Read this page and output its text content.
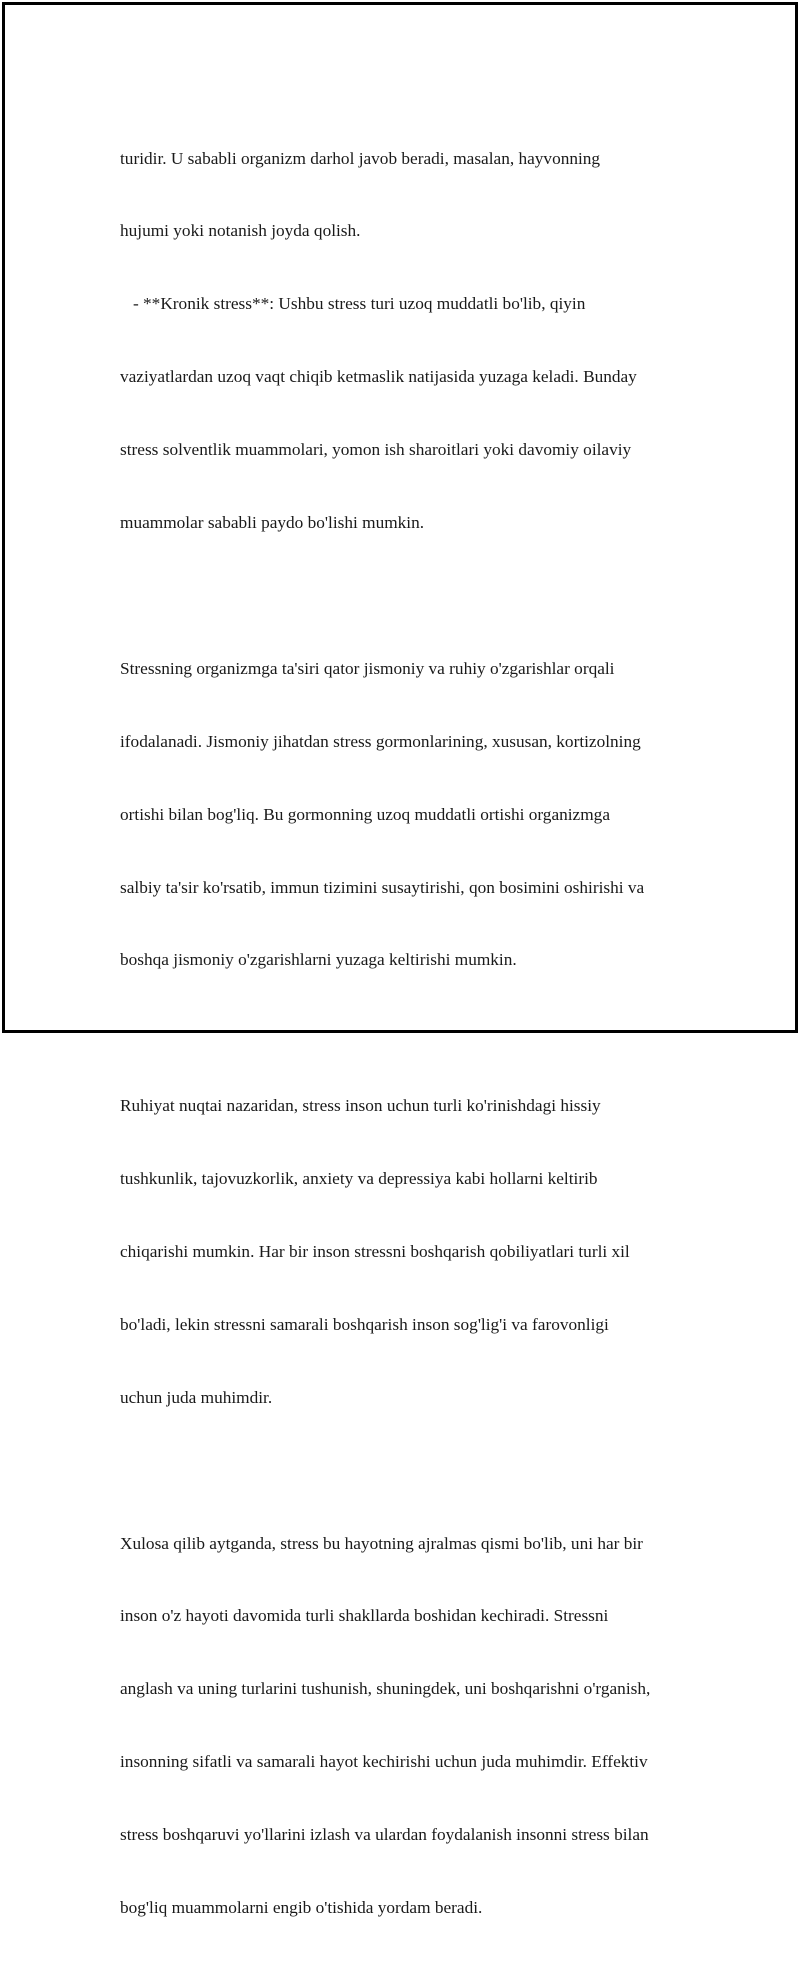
turidir. U sababli organizm darhol javob beradi, masalan, hayvonning

hujumi yoki notanish joyda qolish.

- **Kronik stress**: Ushbu stress turi uzoq muddatli bo'lib, qiyin

vaziyatlardan uzoq vaqt chiqib ketmaslik natijasida yuzaga keladi. Bunday

stress solventlik muammolari, yomon ish sharoitlari yoki davomiy oilaviy

muammolar sababli paydo bo'lishi mumkin.

Stressning organizmga ta'siri qator jismoniy va ruhiy o'zgarishlar orqali

ifodalanadi. Jismoniy jihatdan stress gormonlarining, xususan, kortizolning

ortishi bilan bog'liq. Bu gormonning uzoq muddatli ortishi organizmga

salbiy ta'sir ko'rsatib, immun tizimini susaytirishi, qon bosimini oshirishi va

boshqa jismoniy o'zgarishlarni yuzaga keltirishi mumkin.

Ruhiyat nuqtai nazaridan, stress inson uchun turli ko'rinishdagi hissiy

tushkunlik, tajovuzkorlik, anxiety va depressiya kabi hollarni keltirib

chiqarishi mumkin. Har bir inson stressni boshqarish qobiliyatlari turli xil

bo'ladi, lekin stressni samarali boshqarish inson sog'lig'i va farovonligi

uchun juda muhimdir.

Xulosa qilib aytganda, stress bu hayotning ajralmas qismi bo'lib, uni har bir

inson o'z hayoti davomida turli shakllarda boshidan kechiradi. Stressni

anglash va uning turlarini tushunish, shuningdek, uni boshqarishni o'rganish,

insonning sifatli va samarali hayot kechirishi uchun juda muhimdir. Effektiv

stress boshqaruvi yo'llarini izlash va ulardan foydalanish insonni stress bilan

bog'liq muammolarni engib o'tishida yordam beradi.
